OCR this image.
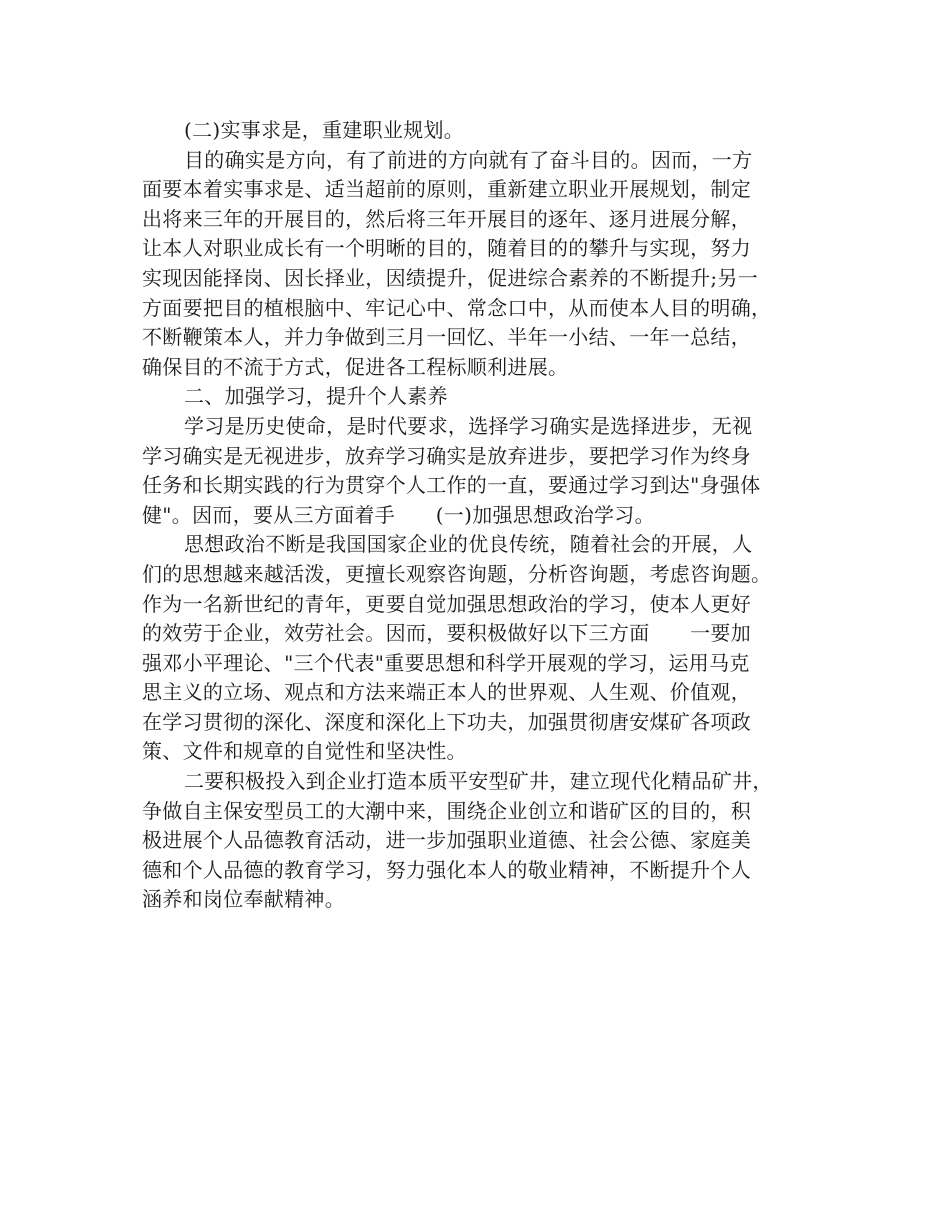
(二)实事求是，重建职业规划。
目的确实是方向，有了前进的方向就有了奋斗目的。因而，一方
面要本着实事求是、适当超前的原则，重新建立职业开展规划，制定
出将来三年的开展目的，然后将三年开展目的逐年、逐月进展分解，
让本人对职业成长有一个明晰的目的，随着目的的攀升与实现，努力
实现因能择岗、因长择业，因绩提升，促进综合素养的不断提升;另一
方面要把目的植根脑中、牢记心中、常念口中，从而使本人目的明确，
不断鞭策本人，并力争做到三月一回忆、半年一小结、一年一总结，
确保目的不流于方式，促进各工程标顺利进展。
二、加强学习，提升个人素养
学习是历史使命，是时代要求，选择学习确实是选择进步，无视
学习确实是无视进步，放弃学习确实是放弃进步，要把学习作为终身
任务和长期实践的行为贯穿个人工作的一直，要通过学习到达"身强体
健"。因而，要从三方面着手　　(一)加强思想政治学习。
思想政治不断是我国国家企业的优良传统，随着社会的开展，人
们的思想越来越活泼，更擅长观察咨询题，分析咨询题，考虑咨询题。
作为一名新世纪的青年，更要自觉加强思想政治的学习，使本人更好
的效劳于企业，效劳社会。因而，要积极做好以下三方面　　一要加
强邓小平理论、"三个代表"重要思想和科学开展观的学习，运用马克
思主义的立场、观点和方法来端正本人的世界观、人生观、价值观，
在学习贯彻的深化、深度和深化上下功夫，加强贯彻唐安煤矿各项政
策、文件和规章的自觉性和坚决性。
二要积极投入到企业打造本质平安型矿井，建立现代化精品矿井，
争做自主保安型员工的大潮中来，围绕企业创立和谐矿区的目的，积
极进展个人品德教育活动，进一步加强职业道德、社会公德、家庭美
德和个人品德的教育学习，努力强化本人的敬业精神，不断提升个人
涵养和岗位奉献精神。
